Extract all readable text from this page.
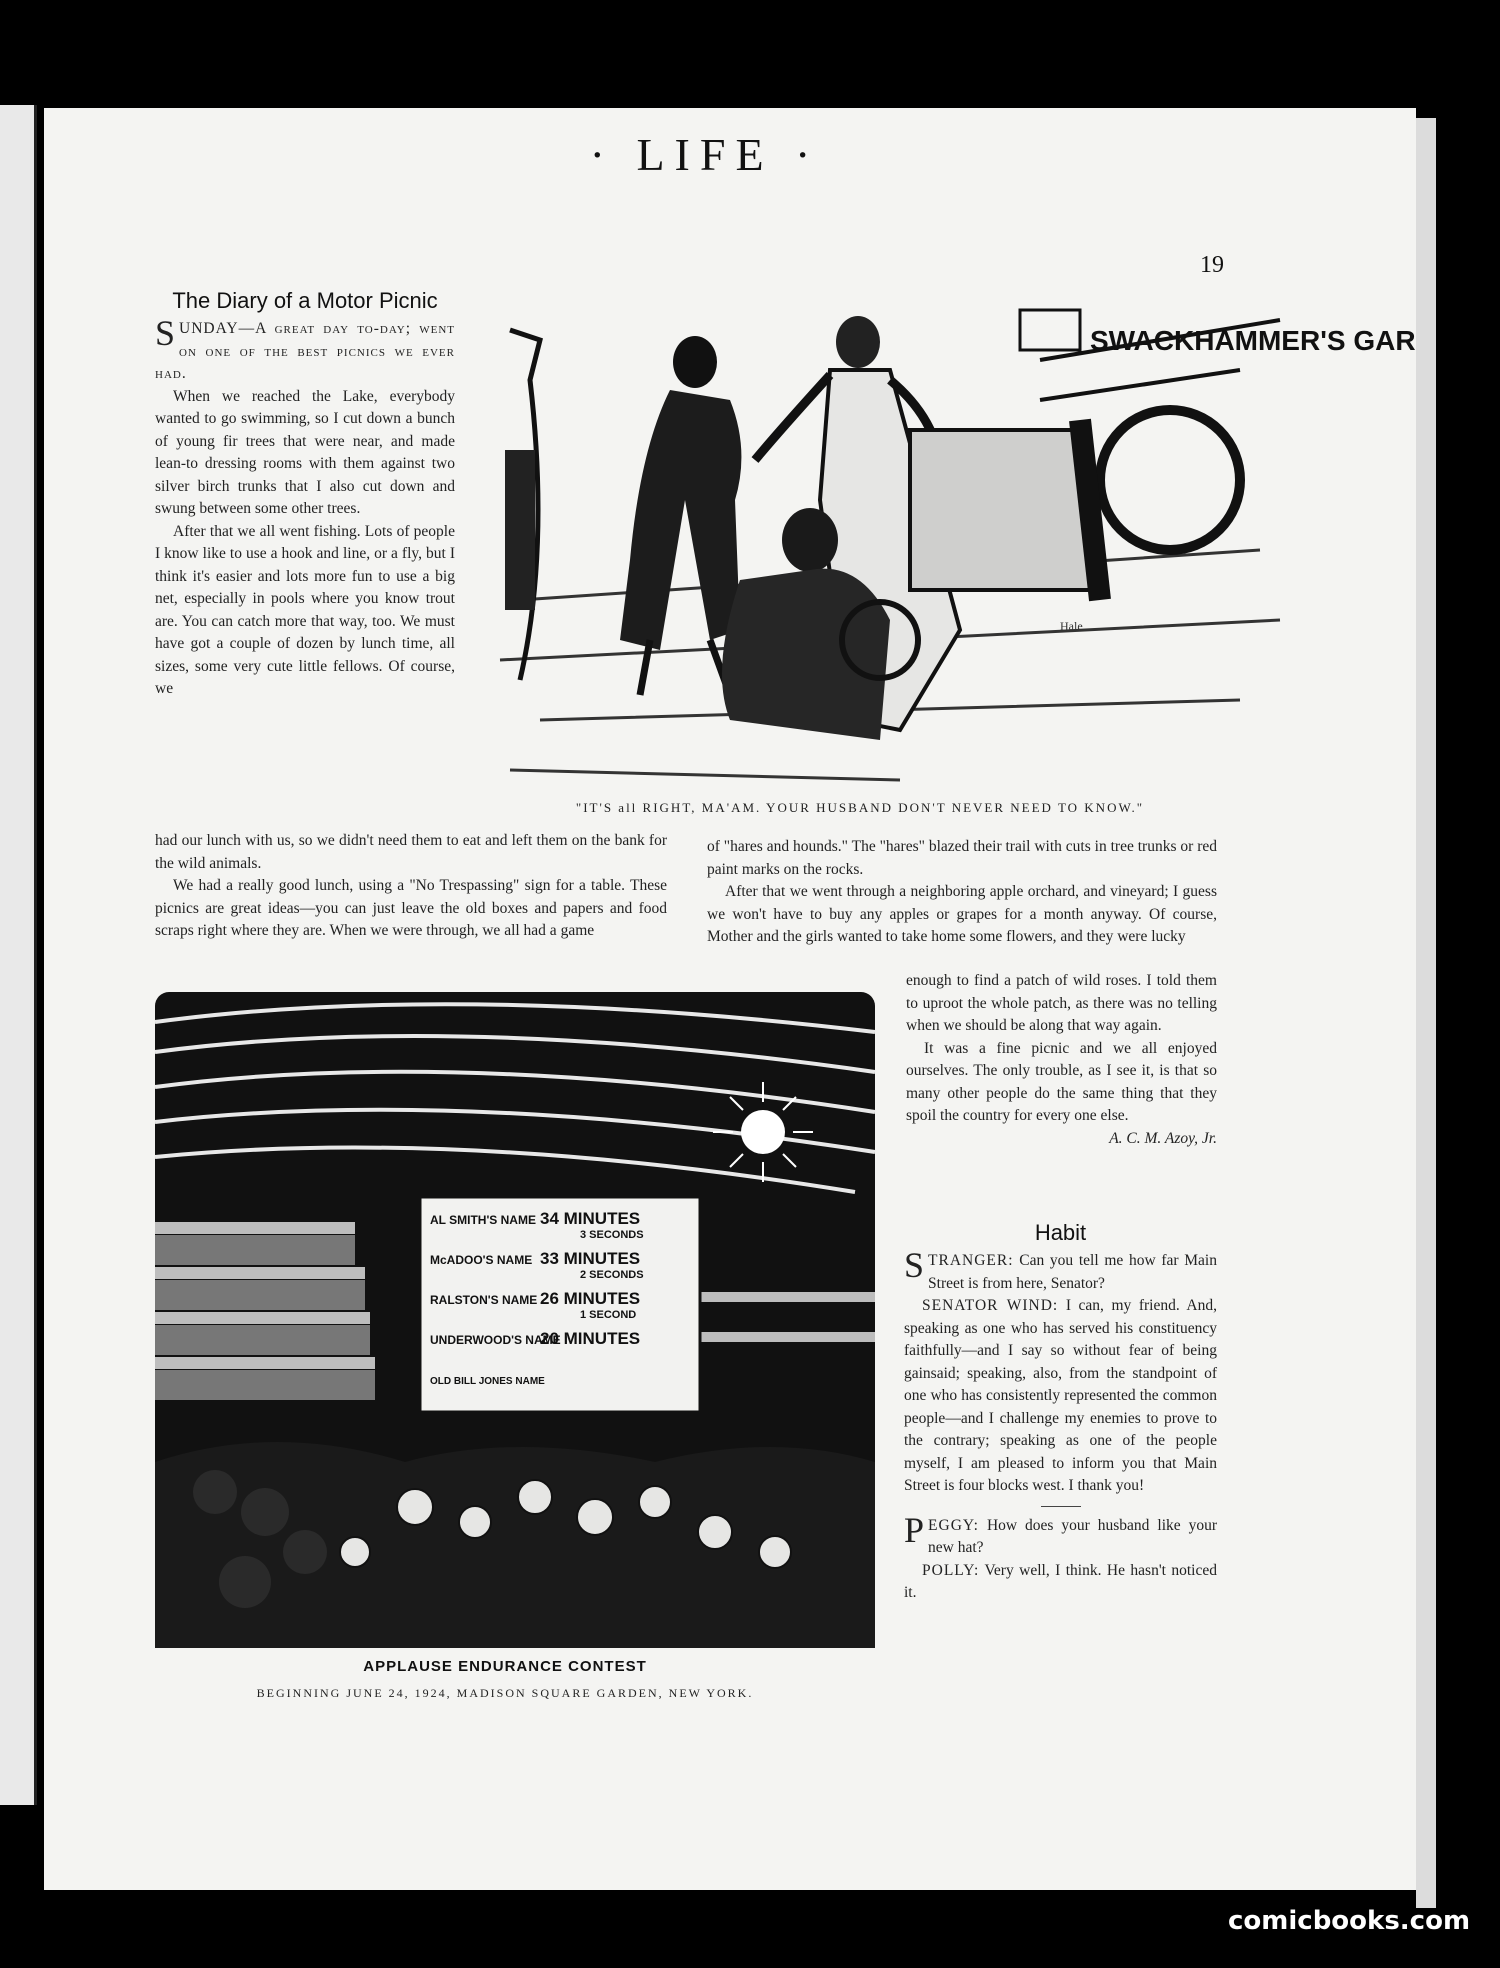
· LIFE ·
19
The Diary of a Motor Picnic

SUNDAY—A great day to-day; went on one of the best picnics we ever had.

When we reached the Lake, everybody wanted to go swimming, so I cut down a bunch of young fir trees that were near, and made lean-to dressing rooms with them against two silver birch trunks that I also cut down and swung between some other trees.

After that we all went fishing. Lots of people I know like to use a hook and line, or a fly, but I think it's easier and lots more fun to use a big net, especially in pools where you know trout are. You can catch more that way, too. We must have got a couple of dozen by lunch time, all sizes, some very cute little fellows. Of course, we

had our lunch with us, so we didn't need them to eat and left them on the bank for the wild animals.

We had a really good lunch, using a "No Trespassing" sign for a table. These picnics are great ideas—you can just leave the old boxes and papers and food scraps right where they are. When we were through, we all had a game

of "hares and hounds." The "hares" blazed their trail with cuts in tree trunks or red paint marks on the rocks.

After that we went through a neighboring apple orchard, and vineyard; I guess we won't have to buy any apples or grapes for a month anyway. Of course, Mother and the girls wanted to take home some flowers, and they were lucky

enough to find a patch of wild roses. I told them to uproot the whole patch, as there was no telling when we should be along that way again.

It was a fine picnic and we all enjoyed ourselves. The only trouble, as I see it, is that so many other people do the same thing that they spoil the country for every one else.

A. C. M. Azoy, Jr.
Habit

STRANGER: Can you tell me how far Main Street is from here, Senator?

SENATOR WIND: I can, my friend. And, speaking as one who has served his constituency faithfully—and I say so without fear of being gainsaid; speaking, also, from the standpoint of one who has consistently represented the common people—and I challenge my enemies to prove to the contrary; speaking as one of the people myself, I am pleased to inform you that Main Street is four blocks west. I thank you!

PEGGY: How does your husband like your new hat?

POLLY: Very well, I think. He hasn't noticed it.

SWACKHAMMER'S GAR
Hale
"IT'S all RIGHT, MA'AM. YOUR HUSBAND DON'T NEVER NEED TO KNOW."
AL SMITH'S NAME 34 MINUTES
3 SECONDS
McADOO'S NAME 33 MINUTES
2 SECONDS
RALSTON'S NAME 26 MINUTES
1 SECOND
UNDERWOOD'S NAME
20 MINUTES
OLD BILL JONES NAME
APPLAUSE ENDURANCE CONTEST
BEGINNING JUNE 24, 1924, MADISON SQUARE GARDEN, NEW YORK.
comicbooks.com
